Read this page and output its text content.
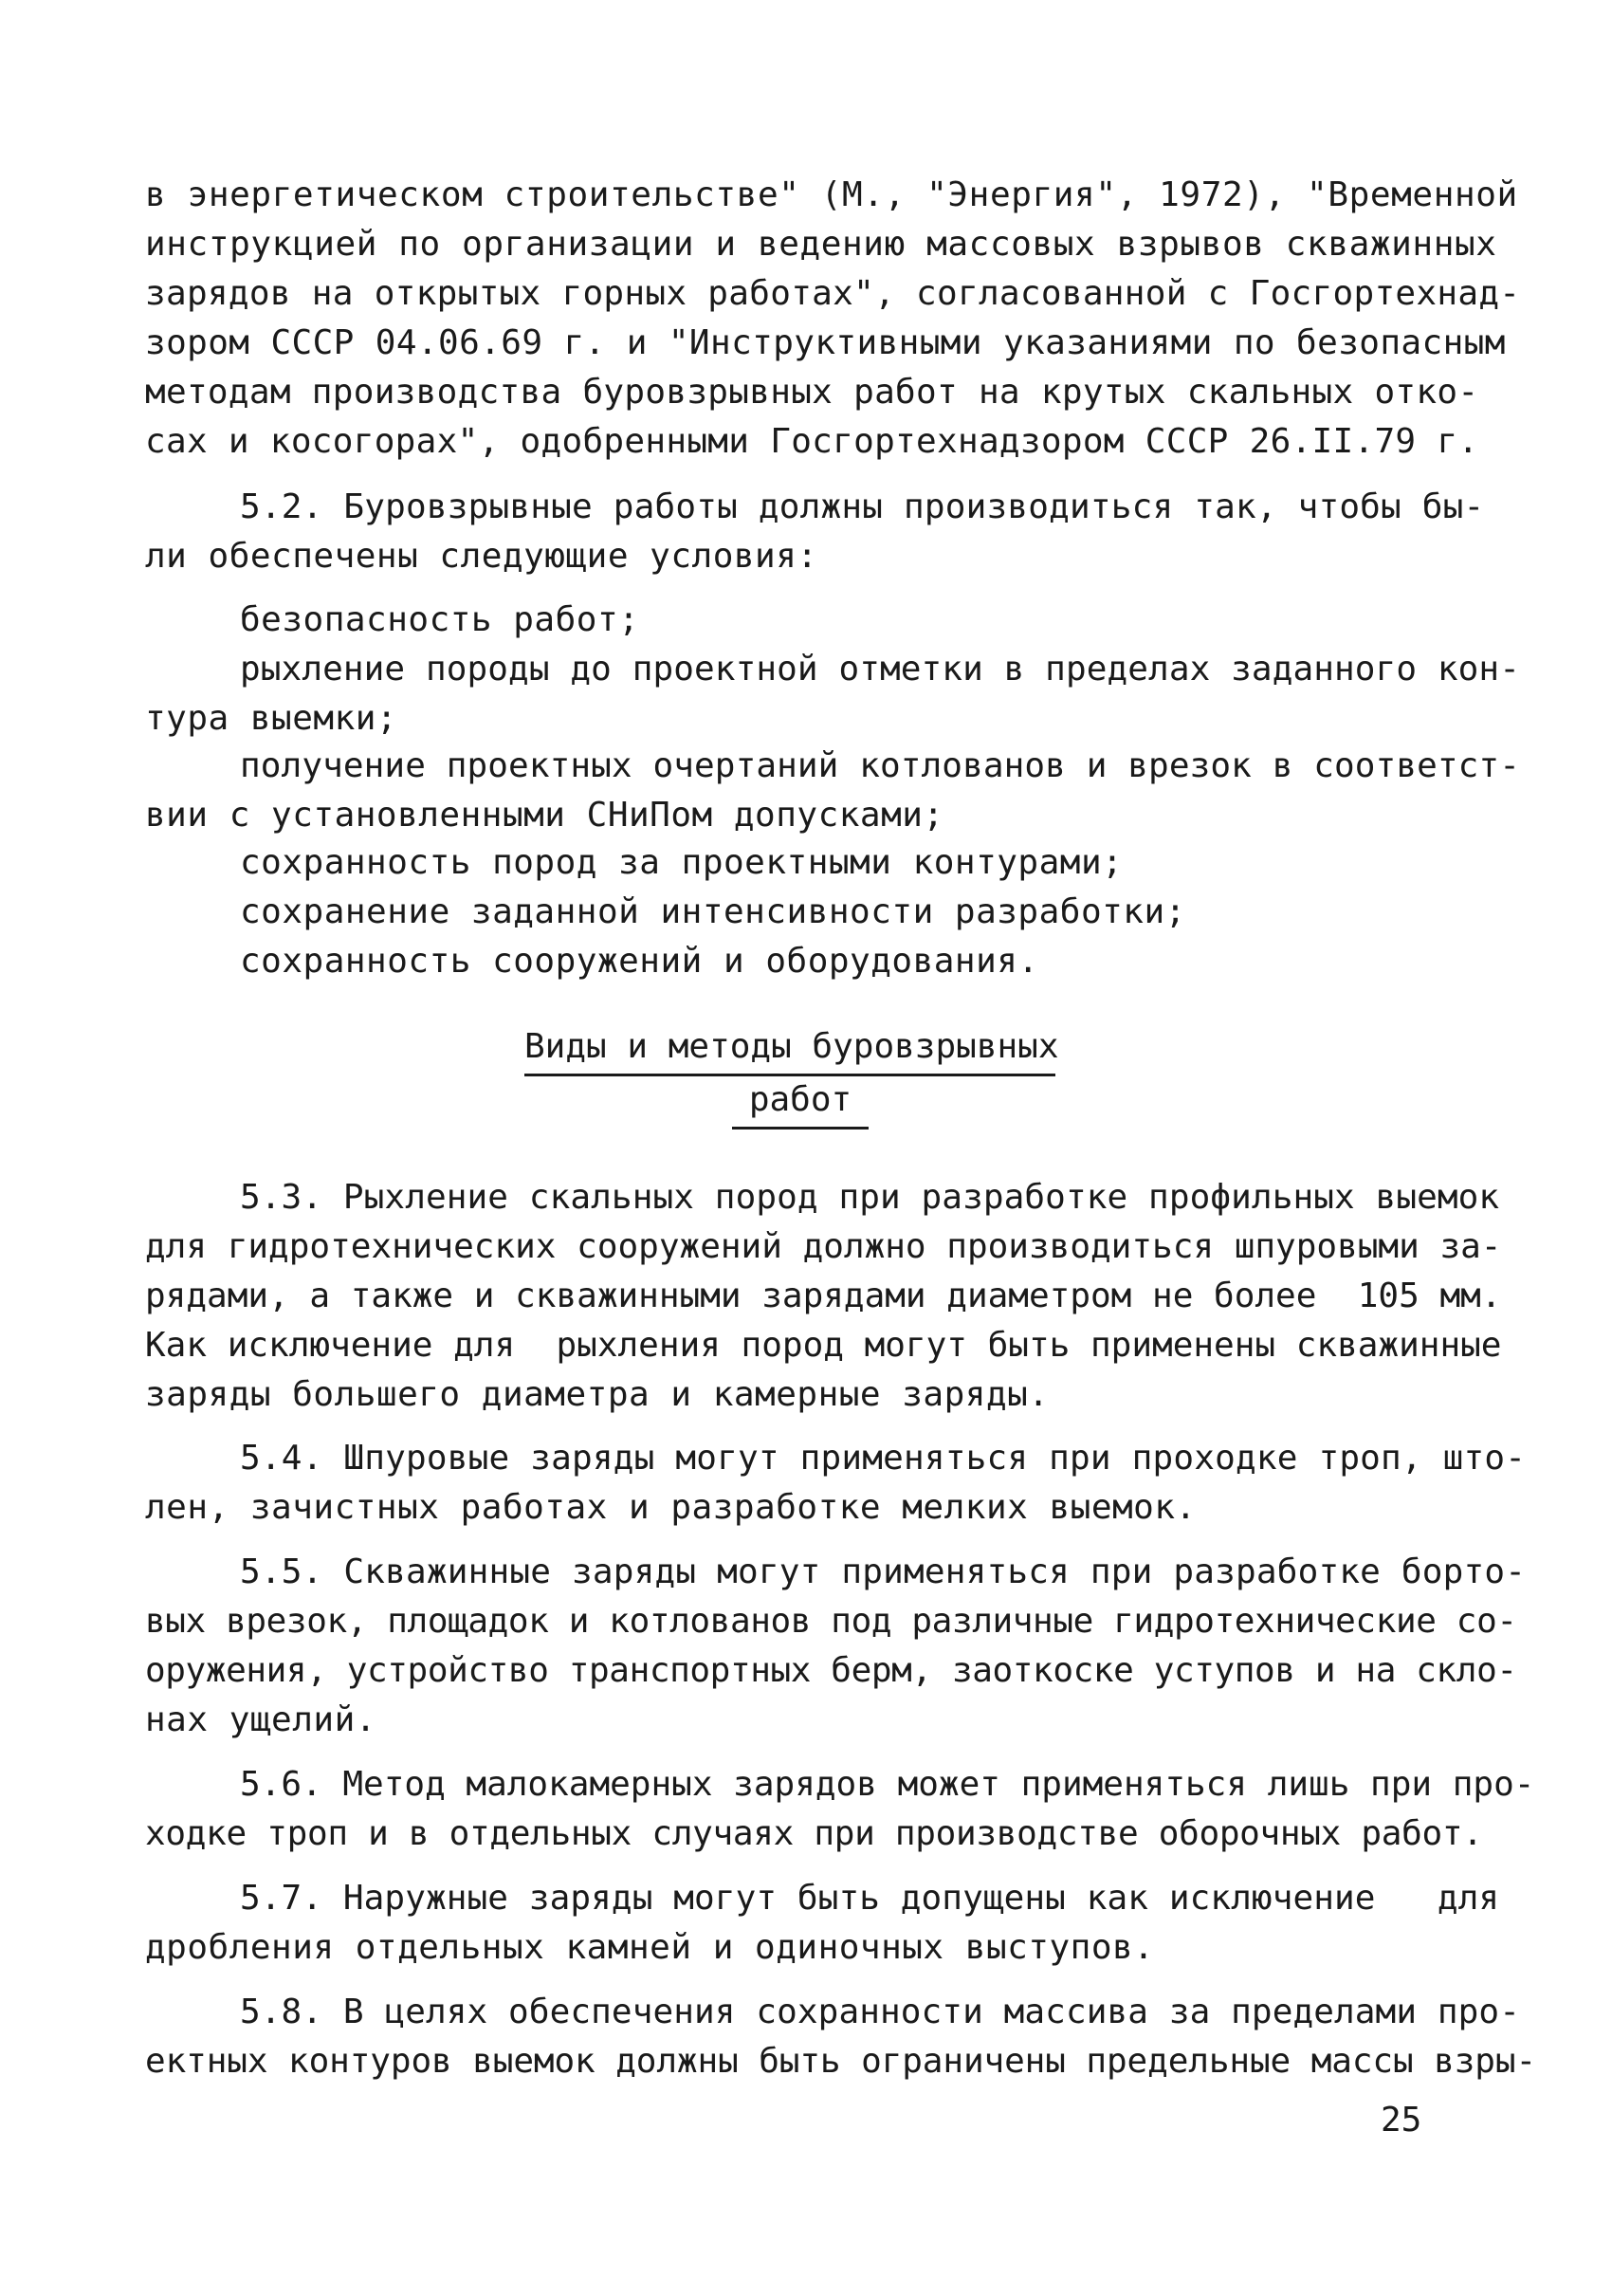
в энергетическом строительстве" (М., "Энергия", 1972), "Временной
инструкцией по организации и ведению массовых взрывов скважинных
зарядов на открытых горных работах", согласованной с Госгортехнад-
зором СССР 04.06.69 г. и "Инструктивными указаниями по безопасным
методам производства буровзрывных работ на крутых скальных отко-
сах и косогорах", одобренными Госгортехнадзором СССР 26.II.79 г.
5.2. Буровзрывные работы должны производиться так, чтобы бы-
ли обеспечены следующие условия:
безопасность работ;
рыхление породы до проектной отметки в пределах заданного кон-
тура выемки;
получение проектных очертаний котлованов и врезок в соответст-
вии с установленными СНиПом допусками;
сохранность пород за проектными контурами;
сохранение заданной интенсивности разработки;
сохранность сооружений и оборудования.
Виды и методы буровзрывных
работ
5.3. Рыхление скальных пород при разработке профильных выемок
для гидротехнических сооружений должно производиться шпуровыми за-
рядами, а также и скважинными зарядами диаметром не более  105 мм.
Как исключение для  рыхления пород могут быть применены скважинные
заряды большего диаметра и камерные заряды.
5.4. Шпуровые заряды могут применяться при проходке троп, што-
лен, зачистных работах и разработке мелких выемок.
5.5. Скважинные заряды могут применяться при разработке борто-
вых врезок, площадок и котлованов под различные гидротехнические со-
оружения, устройство транспортных берм, заоткоске уступов и на скло-
нах ущелий.
5.6. Метод малокамерных зарядов может применяться лишь при про-
ходке троп и в отдельных случаях при производстве оборочных работ.
5.7. Наружные заряды могут быть допущены как исключение   для
дробления отдельных камней и одиночных выступов.
5.8. В целях обеспечения сохранности массива за пределами про-
ектных контуров выемок должны быть ограничены предельные массы взры-
25
